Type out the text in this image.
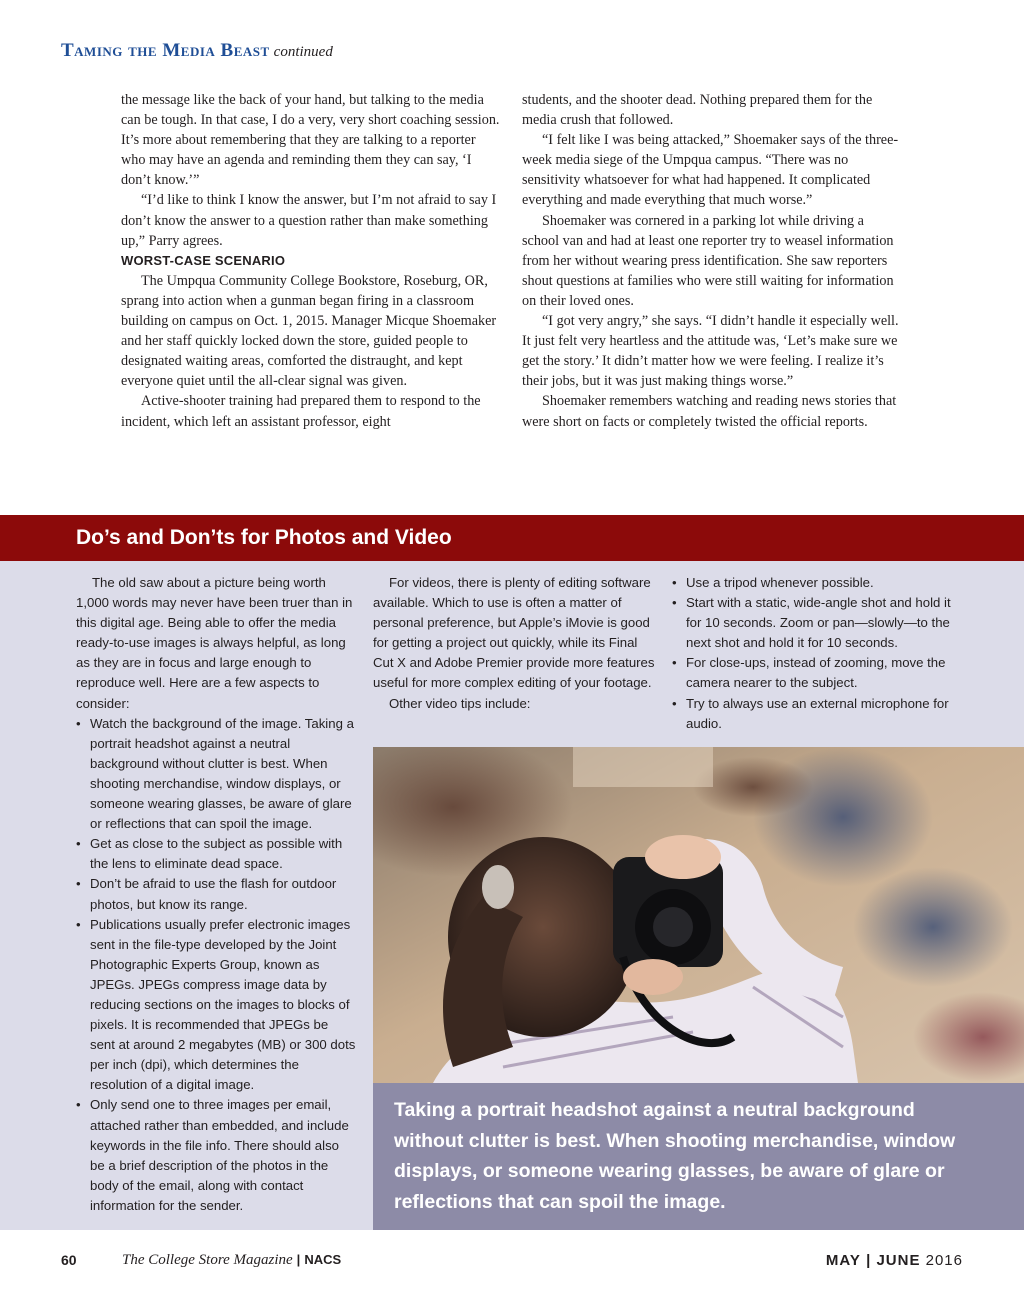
Taming the Media Beast continued

the message like the back of your hand, but talking to the media can be tough. In that case, I do a very, very short coaching session. It’s more about remembering that they are talking to a reporter who may have an agenda and reminding them they can say, ‘I don’t know.’”

“I’d like to think I know the answer, but I’m not afraid to say I don’t know the answer to a question rather than make something up,” Parry agrees.

WORST-CASE SCENARIO

The Umpqua Community College Bookstore, Roseburg, OR, sprang into action when a gunman began firing in a classroom building on campus on Oct. 1, 2015. Manager Micque Shoemaker and her staff quickly locked down the store, guided people to designated waiting areas, comforted the distraught, and kept everyone quiet until the all-clear signal was given.

Active-shooter training had prepared them to respond to the incident, which left an assistant professor, eight

students, and the shooter dead. Nothing prepared them for the media crush that followed.

“I felt like I was being attacked,” Shoemaker says of the three-week media siege of the Umpqua campus. “There was no sensitivity whatsoever for what had happened. It complicated everything and made everything that much worse.”

Shoemaker was cornered in a parking lot while driving a school van and had at least one reporter try to weasel information from her without wearing press identification. She saw reporters shout questions at families who were still waiting for information on their loved ones.

“I got very angry,” she says. “I didn’t handle it especially well. It just felt very heartless and the attitude was, ‘Let’s make sure we get the story.’ It didn’t matter how we were feeling. I realize it’s their jobs, but it was just making things worse.”

Shoemaker remembers watching and reading news stories that were short on facts or completely twisted the official reports.

Do’s and Don’ts for Photos and Video

The old saw about a picture being worth 1,000 words may never have been truer than in this digital age. Being able to offer the media ready-to-use images is always helpful, as long as they are in focus and large enough to reproduce well. Here are a few aspects to consider:

• Watch the background of the image. Taking a portrait headshot against a neutral background without clutter is best. When shooting merchandise, window displays, or someone wearing glasses, be aware of glare or reflections that can spoil the image.
• Get as close to the subject as possible with the lens to eliminate dead space.
• Don’t be afraid to use the flash for outdoor photos, but know its range.
• Publications usually prefer electronic images sent in the file-type developed by the Joint Photographic Experts Group, known as JPEGs. JPEGs compress image data by reducing sections on the images to blocks of pixels. It is recommended that JPEGs be sent at around 2 megabytes (MB) or 300 dots per inch (dpi), which determines the resolution of a digital image.
• Only send one to three images per email, attached rather than embedded, and include keywords in the file info. There should also be a brief description of the photos in the body of the email, along with contact information for the sender.

For videos, there is plenty of editing software available. Which to use is often a matter of personal preference, but Apple’s iMovie is good for getting a project out quickly, while its Final Cut X and Adobe Premier provide more features useful for more complex editing of your footage.

Other video tips include:

• Use a tripod whenever possible.
• Start with a static, wide-angle shot and hold it for 10 seconds. Zoom or pan—slowly—to the next shot and hold it for 10 seconds.
• For close-ups, instead of zooming, move the camera nearer to the subject.
• Try to always use an external microphone for audio.
Taking a portrait headshot against a neutral background without clutter is best. When shooting merchandise, window displays, or someone wearing glasses, be aware of glare or reflections that can spoil the image.
60	The College Store Magazine | NACS	MAY | JUNE 2016
